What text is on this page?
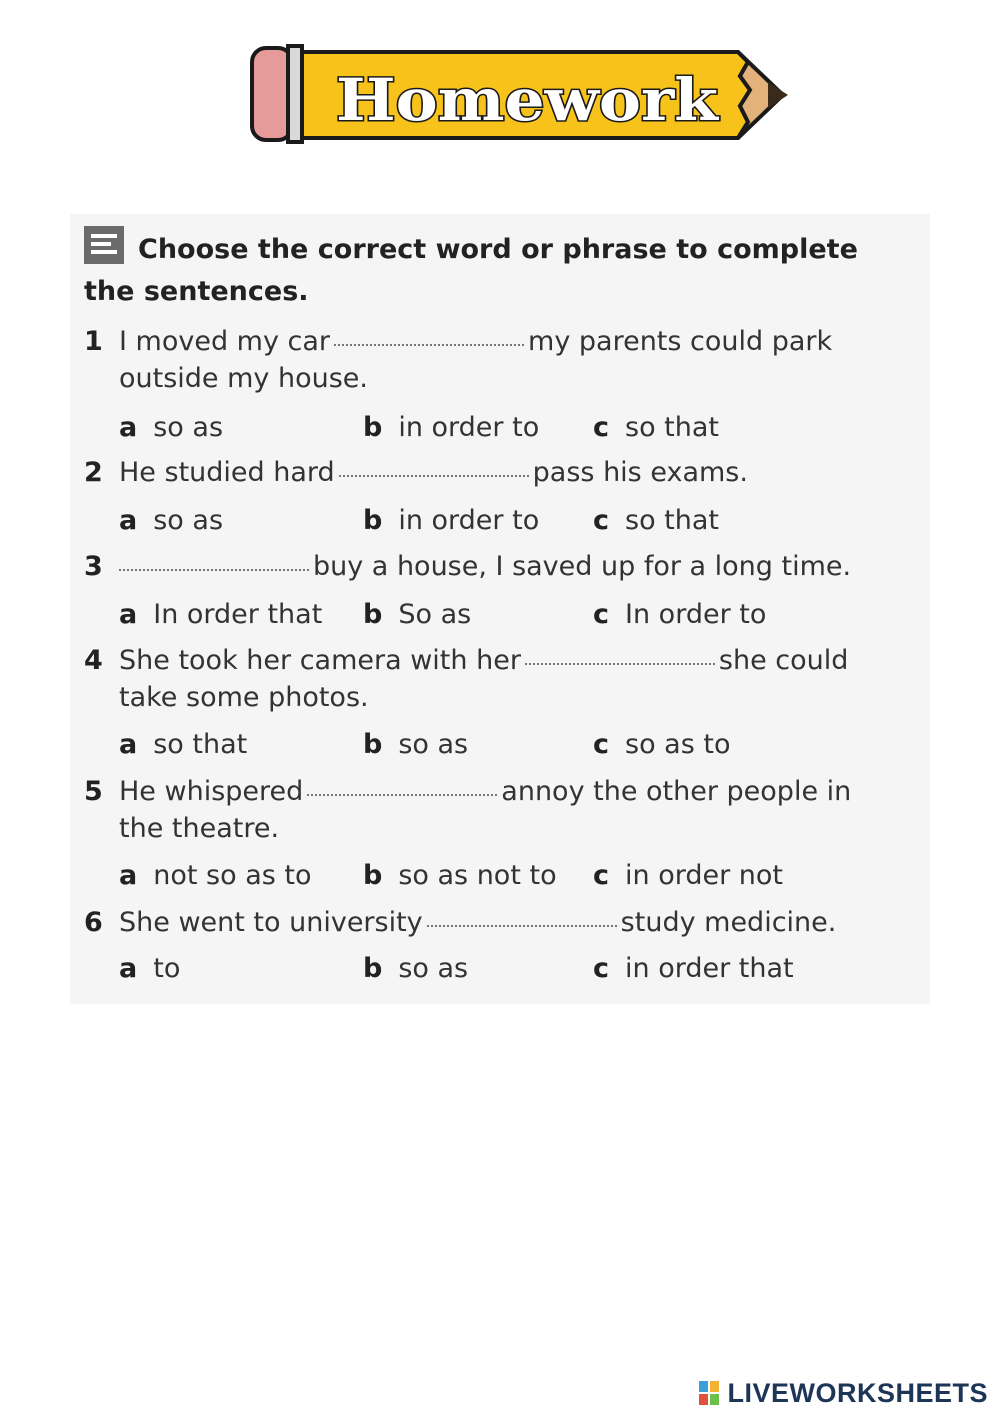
Homework
Choose the correct word or phrase to complete the sentences.
1 I moved my car	my parents could park outside my house.
a so as	b in order to c so that
2 He studied hard	pass his exams.
a so as	b in order to c so that
3	buy a house, I saved up for a long time.
a In order that b So as	c In order to
4 She took her camera with her	she could take some photos.
a so that	b so as	c so as to
5 He whispered	annoy the other people in the theatre.
a not so as to b so as not to c in order not
6 She went to university	study medicine.
a to	b so as	c in order that
LIVEWORKSHEETS
